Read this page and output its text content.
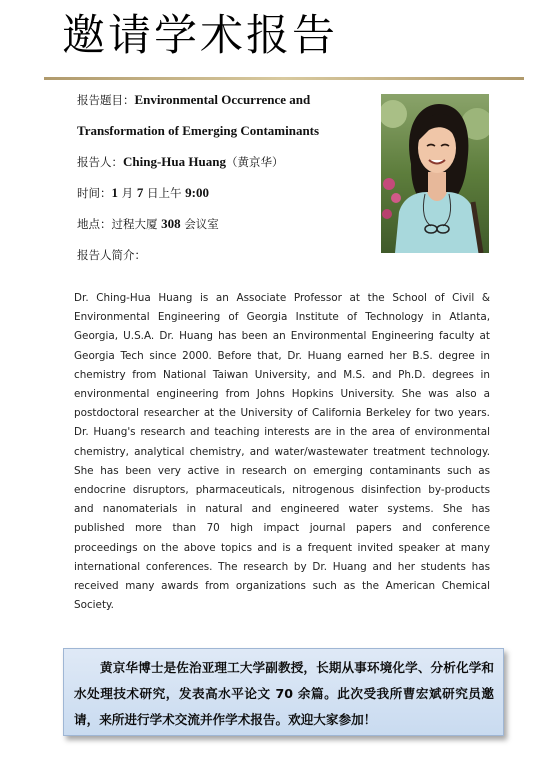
邀请学术报告
报告题目：Environmental Occurrence and
Transformation of Emerging Contaminants
报告人：Ching-Hua Huang（黄京华）
时间：1 月 7 日上午 9:00
地点：过程大厦 308 会议室
报告人简介：
Dr. Ching-Hua Huang is an Associate Professor at the School of Civil & Environmental Engineering of Georgia Institute of Technology in Atlanta, Georgia, U.S.A. Dr. Huang has been an Environmental Engineering faculty at Georgia Tech since 2000. Before that, Dr. Huang earned her B.S. degree in chemistry from National Taiwan University, and M.S. and Ph.D. degrees in environmental engineering from Johns Hopkins University. She was also a postdoctoral researcher at the University of California Berkeley for two years. Dr. Huang's research and teaching interests are in the area of environmental chemistry, analytical chemistry, and water/wastewater treatment technology. She has been very active in research on emerging contaminants such as endocrine disruptors, pharmaceuticals, nitrogenous disinfection by-products and nanomaterials in natural and engineered water systems. She has published more than 70 high impact journal papers and conference proceedings on the above topics and is a frequent invited speaker at many international conferences. The research by Dr. Huang and her students has received many awards from organizations such as the American Chemical Society.
黄京华博士是佐治亚理工大学副教授，长期从事环境化学、分析化学和水处理技术研究，发表高水平论文 70 余篇。此次受我所曹宏斌研究员邀请，来所进行学术交流并作学术报告。欢迎大家参加！
